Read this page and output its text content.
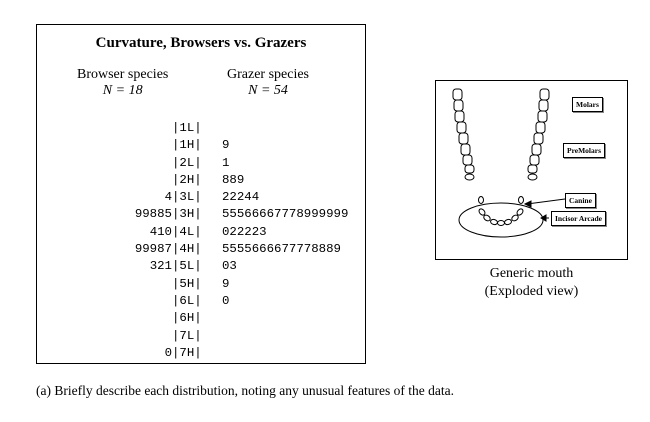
Curvature, Browsers vs. Grazers
Browser species
N = 18
Grazer species
N = 54
|1L|
|1H| 9
|2L| 1
|2H| 889
4 |3L| 22244
99885 |3H| 55566667778999999
410 |4L| 022223
99987 |4H| 5555666677778889
321 |5L| 03
|5H| 9
|6L| 0
|6H|
|7L|
0 |7H|
Molars
PreMolars
Canine
Incisor Arcade
Generic mouth
(Exploded view)
(a) Briefly describe each distribution, noting any unusual features of the data.
